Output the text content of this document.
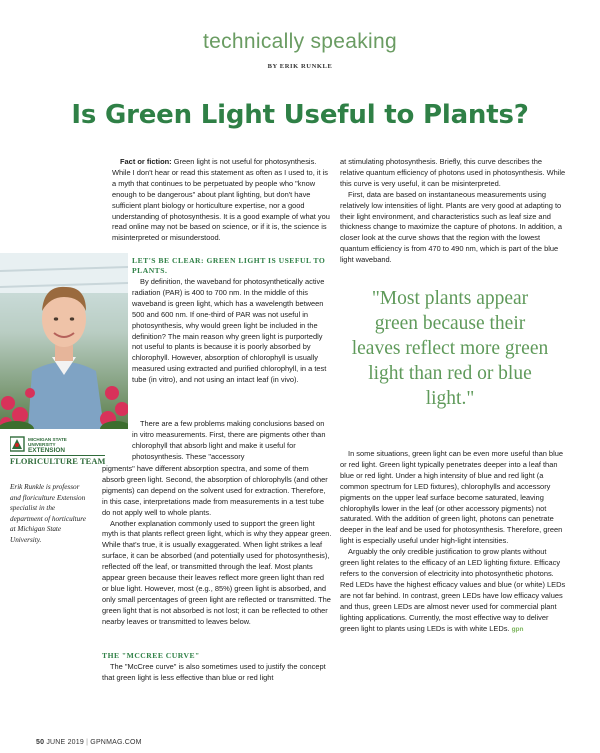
technically speaking
BY ERIK RUNKLE
Is Green Light Useful to Plants?

Fact or fiction: Green light is not useful for photosynthesis. While I don't hear or read this statement as often as I used to, it is a myth that continues to be perpetuated by people who "know enough to be dangerous" about plant lighting, but don't have sufficient plant biology or horticulture expertise, nor a good understanding of photosynthesis. It is a good example of what you read online may not be based on science, or if it is, the science is misinterpreted or misunderstood.

LET'S BE CLEAR: GREEN LIGHT IS USEFUL TO PLANTS.

By definition, the waveband for photosynthetically active radiation (PAR) is 400 to 700 nm. In the middle of this waveband is green light, which has a wavelength between 500 and 600 nm. If one-third of PAR was not useful in photosynthesis, why would green light be included in the definition? The main reason why green light is purportedly not useful to plants is because it is poorly absorbed by chlorophyll. However, absorption of chlorophyll is usually measured using extracted and purified chlorophyll, in a test tube (in vitro), and not using an intact leaf (in vivo).

There are a few problems making conclusions based on in vitro measurements. First, there are pigments other than chlorophyll that absorb light and make it useful for photosynthesis. These "accessory

MICHIGAN STATE
UNIVERSITY
EXTENSION
FLORICULTURE TEAM
Erik Runkle is professor and floriculture Extension specialist in the department of horticulture at Michigan State University.

pigments" have different absorption spectra, and some of them absorb green light. Second, the absorption of chlorophylls (and other pigments) can depend on the solvent used for extraction. Therefore, in this case, interpretations made from measurements in a test tube do not apply well to whole plants.

Another explanation commonly used to support the green light myth is that plants reflect green light, which is why they appear green. While that's true, it is usually exaggerated. When light strikes a leaf surface, it can be absorbed (and potentially used for photosynthesis), reflected off the leaf, or transmitted through the leaf. Most plants appear green because their leaves reflect more green light than red or blue light. However, most (e.g., 85%) green light is absorbed, and only small percentages of green light are reflected or transmitted. The green light that is not absorbed is not lost; it can be reflected to other nearby leaves or transmitted to leaves below.

THE "MCCREE CURVE"

The "McCree curve" is also sometimes used to justify the concept that green light is less effective than blue or red light

at stimulating photosynthesis. Briefly, this curve describes the relative quantum efficiency of photons used in photosynthesis. While this curve is very useful, it can be misinterpreted.

First, data are based on instantaneous measurements using relatively low intensities of light. Plants are very good at adapting to their light environment, and characteristics such as leaf size and thickness change to maximize the capture of photons. In addition, a closer look at the curve shows that the region with the lowest quantum efficiency is from 470 to 490 nm, which is part of the blue light waveband.

"Most plants appear green because their leaves reflect more green light than red or blue light."

In some situations, green light can be even more useful than blue or red light. Green light typically penetrates deeper into a leaf than blue or red light. Under a high intensity of blue and red light (a common spectrum for LED fixtures), chlorophylls and accessory pigments on the upper leaf surface become saturated, leaving chlorophylls lower in the leaf (or other accessory pigments) not saturated. With the addition of green light, photons can penetrate deeper in the leaf and be used for photosynthesis. Therefore, green light is especially useful under high-light intensities.

Arguably the only credible justification to grow plants without green light relates to the efficacy of an LED lighting fixture. Efficacy refers to the conversion of electricity into photosynthetic photons. Red LEDs have the highest efficacy values and blue (or white) LEDs are not far behind. In contrast, green LEDs have low efficacy values and thus, green LEDs are almost never used for commercial plant lighting applications. Currently, the most effective way to deliver green light to plants using LEDs is with white LEDs. gpn

50 JUNE 2019 | GPNMAG.COM
